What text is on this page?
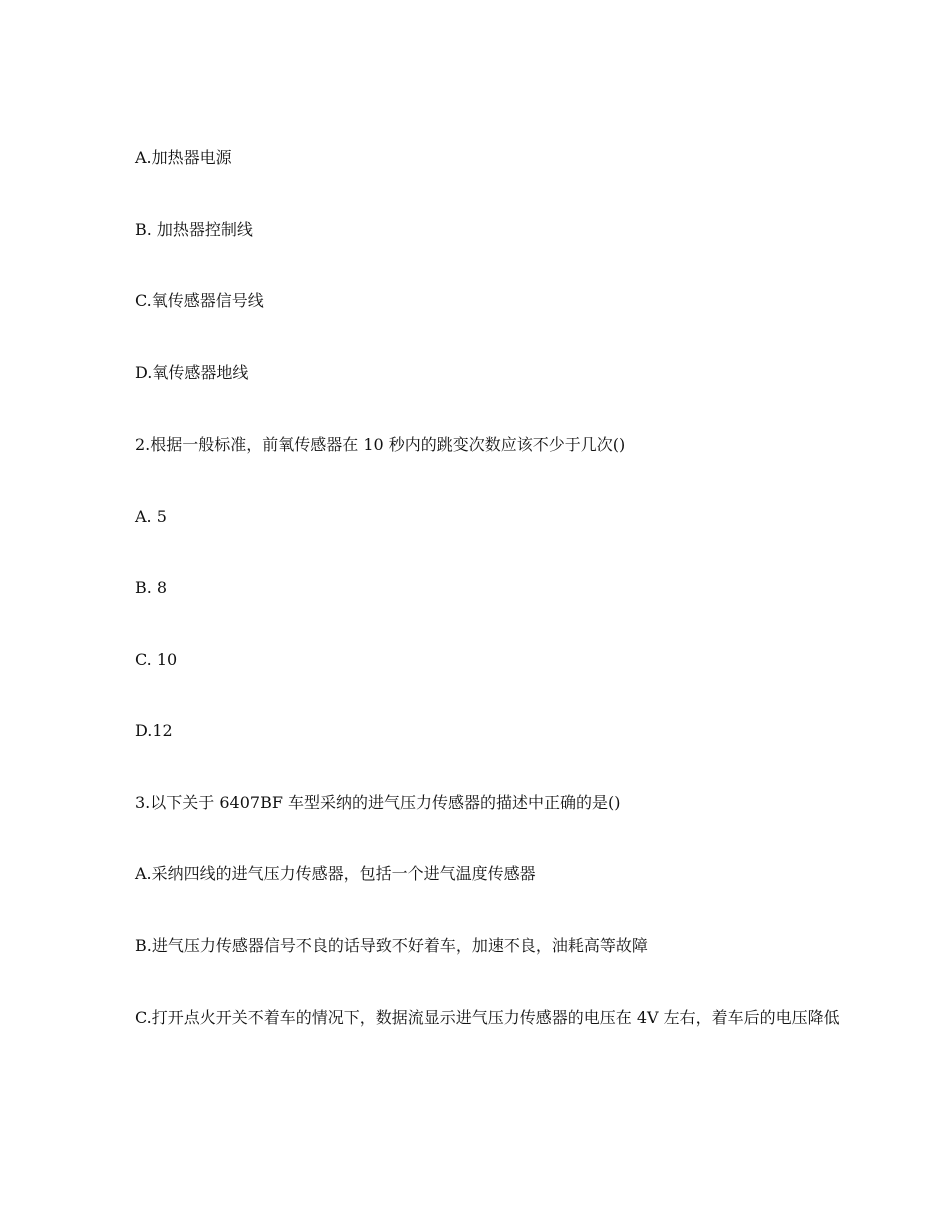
A.加热器电源

B. 加热器控制线

C.氧传感器信号线

D.氧传感器地线

2.根据一般标准，前氧传感器在 10 秒内的跳变次数应该不少于几次()

A. 5

B. 8

C. 10

D.12

3.以下关于 6407BF 车型采纳的进气压力传感器的描述中正确的是()

A.采纳四线的进气压力传感器，包括一个进气温度传感器

B.进气压力传感器信号不良的话导致不好着车，加速不良，油耗高等故障

C.打开点火开关不着车的情况下，数据流显示进气压力传感器的电压在 4V 左右，着车后的电压降低
